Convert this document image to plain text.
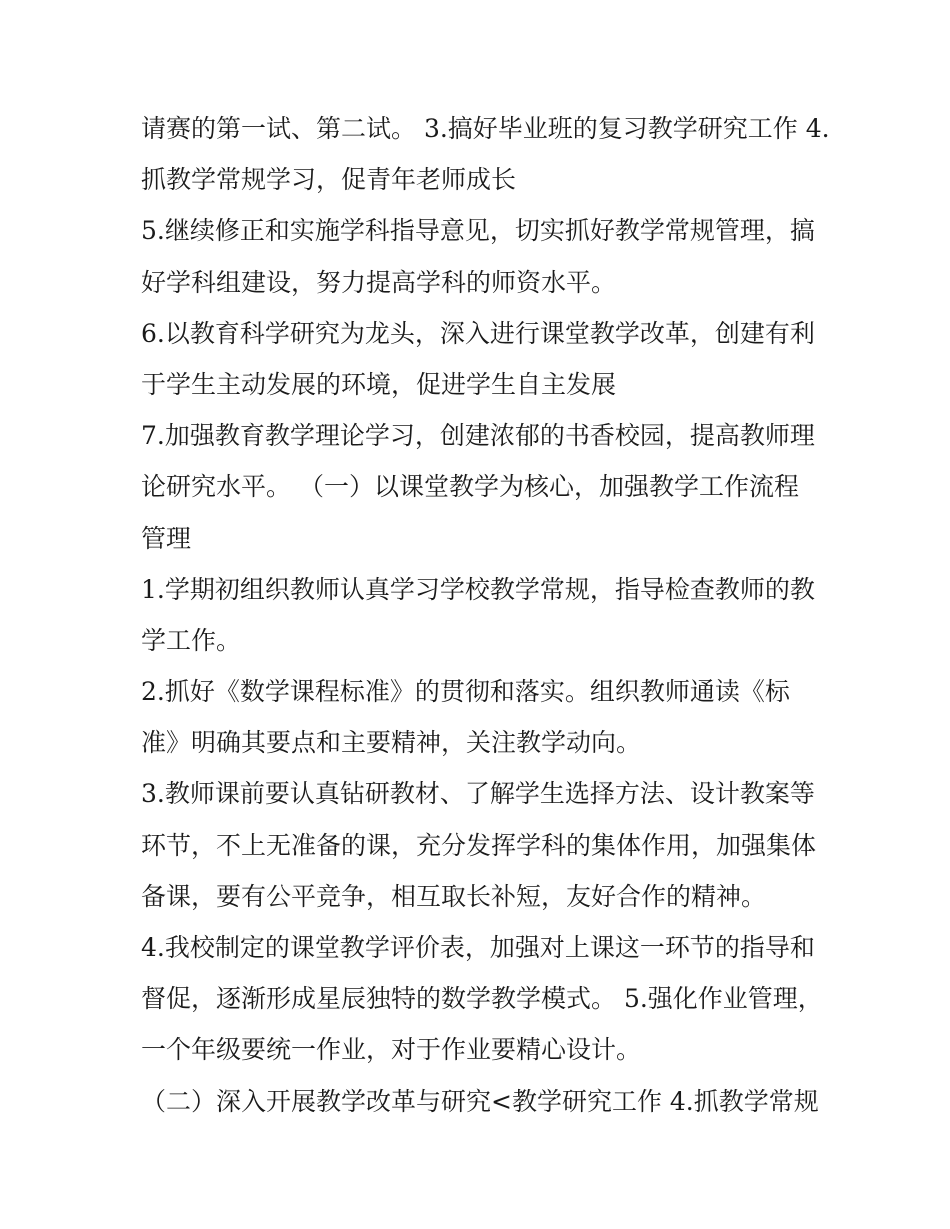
请赛的第一试、第二试。 3.搞好毕业班的复习教学研究工作 4.
抓教学常规学习，促青年老师成长
5.继续修正和实施学科指导意见，切实抓好教学常规管理，搞
好学科组建设，努力提高学科的师资水平。
6.以教育科学研究为龙头，深入进行课堂教学改革，创建有利
于学生主动发展的环境，促进学生自主发展
7.加强教育教学理论学习，创建浓郁的书香校园，提高教师理
论研究水平。 （一）以课堂教学为核心，加强教学工作流程
管理
1.学期初组织教师认真学习学校教学常规，指导检查教师的教
学工作。
2.抓好《数学课程标准》的贯彻和落实。组织教师通读《标
准》明确其要点和主要精神，关注教学动向。
3.教师课前要认真钻研教材、了解学生选择方法、设计教案等
环节，不上无准备的课，充分发挥学科的集体作用，加强集体
备课，要有公平竞争，相互取长补短，友好合作的精神。
4.我校制定的课堂教学评价表，加强对上课这一环节的指导和
督促，逐渐形成星辰独特的数学教学模式。 5.强化作业管理，
一个年级要统一作业，对于作业要精心设计。
（二）深入开展教学改革与研究<教学研究工作 4.抓教学常规
